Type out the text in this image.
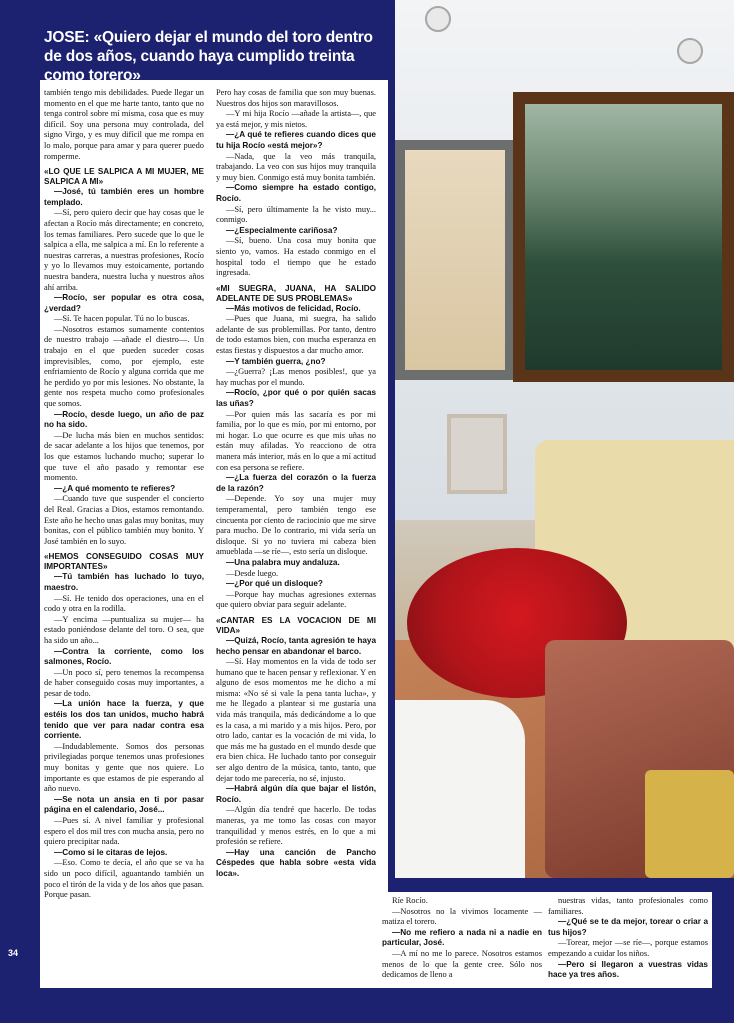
JOSE: «Quiero dejar el mundo del toro dentro de dos años, cuando haya cumplido treinta como torero»

también tengo mis debilidades. Puede llegar un momento en el que me harte tanto, tanto que no tenga control sobre mí misma, cosa que es muy difícil. Soy una persona muy controlada, del signo Virgo, y es muy difícil que me rompa en lo malo, porque para amar y para querer puedo romperme.

«LO QUE LE SALPICA A MI MUJER, ME SALPICA A MI»

—José, tú también eres un hombre templado.

—Sí, pero quiero decir que hay cosas que le afectan a Rocío más directamente; en concreto, los temas familiares. Pero sucede que lo que le salpica a ella, me salpica a mí. En lo referente a nuestras carreras, a nuestras profesiones, Rocío y yo lo llevamos muy estoicamente, portando nuestra bandera, nuestra lucha y nuestros años ahí arriba.

—Rocío, ser popular es otra cosa, ¿verdad?

—Sí. Te hacen popular. Tú no lo buscas.

—Nosotros estamos sumamente contentos de nuestro trabajo —añade el diestro—. Un trabajo en el que pueden suceder cosas imprevisibles, como, por ejemplo, este enfriamiento de Rocío y alguna corrida que me he perdido yo por mis lesiones. No obstante, la gente nos respeta mucho como profesionales que somos.

—Rocío, desde luego, un año de paz no ha sido.

—De lucha más bien en muchos sentidos: de sacar adelante a los hijos que tenemos, por los que estamos luchando mucho; superar lo que tuve el año pasado y remontar ese momento.

—¿A qué momento te refieres?

—Cuando tuve que suspender el concierto del Real. Gracias a Dios, estamos remontando. Este año he hecho unas galas muy bonitas, muy bonitas, con el público también muy bonito. Y José también en lo suyo.

«HEMOS CONSEGUIDO COSAS MUY IMPORTANTES»

—Tú también has luchado lo tuyo, maestro.

—Sí. He tenido dos operaciones, una en el codo y otra en la rodilla.

—Y encima —puntualiza su mujer— ha estado poniéndose delante del toro. O sea, que ha sido un año...

—Contra la corriente, como los salmones, Rocío.

—Un poco sí, pero tenemos la recompensa de haber conseguido cosas muy importantes, a pesar de todo.

—La unión hace la fuerza, y que estéis los dos tan unidos, mucho habrá tenido que ver para nadar contra esa corriente.

—Indudablemente. Somos dos personas privilegiadas porque tenemos unas profesiones muy bonitas y gente que nos quiere. Lo importante es que estamos de pie esperando al año nuevo.

—Se nota un ansia en ti por pasar página en el calendario, José...

—Pues sí. A nivel familiar y profesional espero el dos mil tres con mucha ansia, pero no quiero precipitar nada.

—Como si le citaras de lejos.

—Eso. Como te decía, el año que se va ha sido un poco difícil, aguantando también un poco el tirón de la vida y de los años que pasan. Porque pasan.

Pero hay cosas de familia que son muy buenas. Nuestros dos hijos son maravillosos.

—Y mi hija Rocío —añade la artista—, que ya está mejor, y mis nietos.

—¿A qué te refieres cuando dices que tu hija Rocío «está mejor»?

—Nada, que la veo más tranquila, trabajando. La veo con sus hijos muy tranquila y muy bien. Conmigo está muy bonita también.

—Como siempre ha estado contigo, Rocío.

—Sí, pero últimamente la he visto muy... conmigo.

—¿Especialmente cariñosa?

—Sí, bueno. Una cosa muy bonita que siento yo, vamos. Ha estado conmigo en el hospital todo el tiempo que he estado ingresada.

«MI SUEGRA, JUANA, HA SALIDO ADELANTE DE SUS PROBLEMAS»

—Más motivos de felicidad, Rocío.

—Pues que Juana, mi suegra, ha salido adelante de sus problemillas. Por tanto, dentro de todo estamos bien, con mucha esperanza en estas fiestas y dispuestos a dar mucho amor.

—Y también guerra, ¿no?

—¿Guerra? ¡Las menos posibles!, que ya hay muchas por el mundo.

—Rocío, ¿por qué o por quién sacas las uñas?

—Por quien más las sacaría es por mi familia, por lo que es mío, por mi entorno, por mi hogar. Lo que ocurre es que mis uñas no están muy afiladas. Yo reacciono de otra manera más interior, más en lo que a mí actitud con esa persona se refiere.

—¿La fuerza del corazón o la fuerza de la razón?

—Depende. Yo soy una mujer muy temperamental, pero también tengo ese cincuenta por ciento de raciocinio que me sirve para mucho. De lo contrario, mi vida sería un disloque. Si yo no tuviera mi cabeza bien amueblada —se ríe—, esto sería un disloque.

—Una palabra muy andaluza.

—Desde luego.

—¿Por qué un disloque?

—Porque hay muchas agresiones externas que quiero obviar para seguir adelante.

«CANTAR ES LA VOCACION DE MI VIDA»

—Quizá, Rocío, tanta agresión te haya hecho pensar en abandonar el barco.

—Sí. Hay momentos en la vida de todo ser humano que te hacen pensar y reflexionar. Y en alguno de esos momentos me he dicho a mí misma: «No sé si vale la pena tanta lucha», y me he llegado a plantear si me gustaría una vida más tranquila, más dedicándome a lo que es la casa, a mi marido y a mis hijos. Pero, por otro lado, cantar es la vocación de mi vida, lo que más me ha gustado en el mundo desde que era bien chica. He luchado tanto por conseguir ser algo dentro de la música, tanto, tanto, que dejar todo me parecería, no sé, injusto.

—Habrá algún día que bajar el listón, Rocío.

—Algún día tendré que hacerlo. De todas maneras, ya me tomo las cosas con mayor tranquilidad y menos estrés, en lo que a mi profesión se refiere.

—Hay una canción de Pancho Céspedes que habla sobre «esta vida loca».

Ríe Rocío.

—Nosotros no la vivimos locamente —matiza el torero.

—No me refiero a nada ni a nadie en particular, José.

—A mí no me lo parece. Nosotros estamos menos de lo que la gente cree. Sólo nos dedicamos de lleno a

nuestras vidas, tanto profesionales como familiares.

—¿Qué se te da mejor, torear o criar a tus hijos?

—Torear, mejor —se ríe—, porque estamos empezando a cuidar los niños.

—Pero si llegaron a vuestras vidas hace ya tres años.

34
